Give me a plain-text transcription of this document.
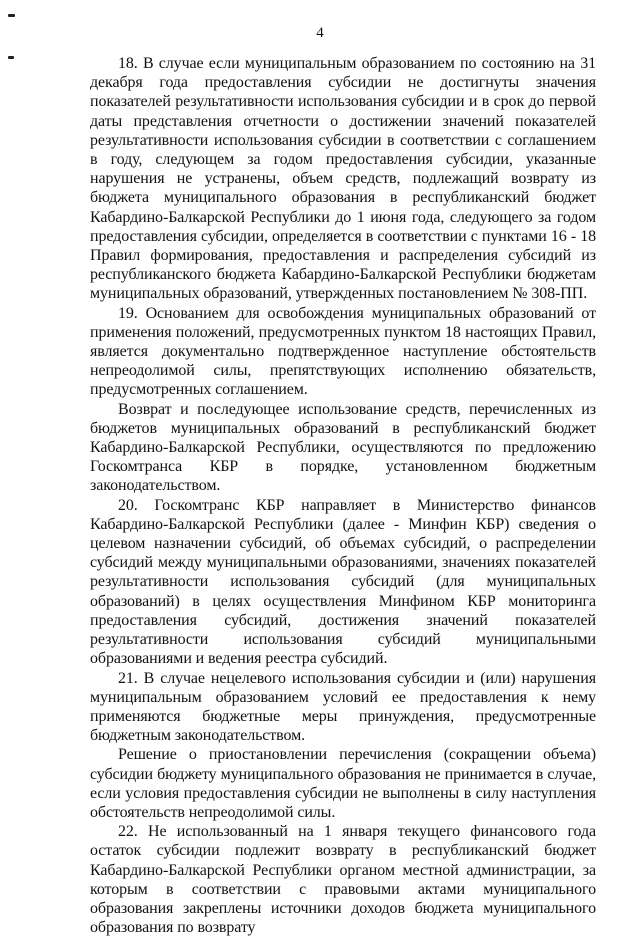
4

18. В случае если муниципальным образованием по состоянию на 31 декабря года предоставления субсидии не достигнуты значения показателей результативности использования субсидии и в срок до первой даты представления отчетности о достижении значений показателей результативности использования субсидии в соответствии с соглашением в году, следующем за годом предоставления субсидии, указанные нарушения не устранены, объем средств, подлежащий возврату из бюджета муниципального образования в республиканский бюджет Кабардино-Балкарской Республики до 1 июня года, следующего за годом предоставления субсидии, определяется в соответствии с пунктами 16 - 18 Правил формирования, предоставления и распределения субсидий из республиканского бюджета Кабардино-Балкарской Республики бюджетам муниципальных образований, утвержденных постановлением № 308-ПП.

19. Основанием для освобождения муниципальных образований от применения положений, предусмотренных пунктом 18 настоящих Правил, является документально подтвержденное наступление обстоятельств непреодолимой силы, препятствующих исполнению обязательств, предусмотренных соглашением.

Возврат и последующее использование средств, перечисленных из бюджетов муниципальных образований в республиканский бюджет Кабардино-Балкарской Республики, осуществляются по предложению Госкомтранса КБР в порядке, установленном бюджетным законодательством.

20. Госкомтранс КБР направляет в Министерство финансов Кабардино-Балкарской Республики (далее - Минфин КБР) сведения о целевом назначении субсидий, об объемах субсидий, о распределении субсидий между муниципальными образованиями, значениях показателей результативности использования субсидий (для муниципальных образований) в целях осуществления Минфином КБР мониторинга предоставления субсидий, достижения значений показателей результативности использования субсидий муниципальными образованиями и ведения реестра субсидий.

21. В случае нецелевого использования субсидии и (или) нарушения муниципальным образованием условий ее предоставления к нему применяются бюджетные меры принуждения, предусмотренные бюджетным законодательством.

Решение о приостановлении перечисления (сокращении объема) субсидии бюджету муниципального образования не принимается в случае, если условия предоставления субсидии не выполнены в силу наступления обстоятельств непреодолимой силы.

22. Не использованный на 1 января текущего финансового года остаток субсидии подлежит возврату в республиканский бюджет Кабардино-Балкарской Республики органом местной администрации, за которым в соответствии с правовыми актами муниципального образования закреплены источники доходов бюджета муниципального образования по возврату
